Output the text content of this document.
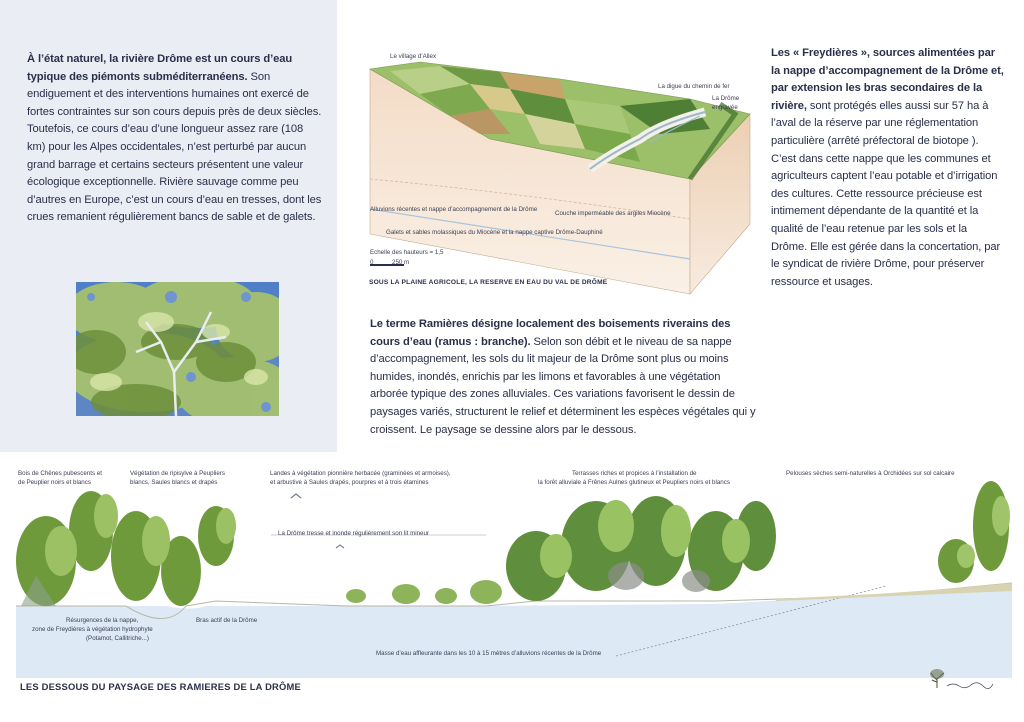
À l’état naturel, la rivière Drôme est un cours d’eau typique des piémonts subméditerranéens. Son endiguement et des interventions humaines ont exercé de fortes contraintes sur son cours depuis près de deux siècles. Toutefois, ce cours d’eau d’une longueur assez rare (108 km) pour les Alpes occidentales, n’est perturbé par aucun grand barrage et certains secteurs présentent une valeur écologique exceptionnelle. Rivière sauvage comme peu d’autres en Europe, c’est un cours d’eau en tresses, dont les crues remanient régulièrement bancs de sable et de galets.

Le village d’Allex
La digue du chemin de fer
La Drôme engravée
Alluvions récentes et nappe d’accompagnement de la Drôme
Couche imperméable des argiles Miocène
Galets et sables molassiques du Miocène et la nappe captive Drôme-Dauphiné
Echelle des hauteurs = 1,5
0	250 m
SOUS LA PLAINE AGRICOLE, LA RESERVE EN EAU DU VAL DE DRÔME

Le terme Ramières désigne localement des boisements riverains des cours d’eau (ramus : branche). Selon son débit et le niveau de sa nappe d’accompagnement, les sols du lit majeur de la Drôme sont plus ou moins humides, inondés, enrichis par les limons et favorables à une végétation arborée typique des zones alluviales. Ces variations favorisent le dessin de paysages variés, structurent le relief et déterminent les espèces végétales qui y croissent. Le paysage se dessine alors par le dessous.

Les « Freydières », sources alimentées par la nappe d’accompagnement de la Drôme et, par extension les bras secondaires de la rivière, sont protégés elles aussi sur 57 ha à l’aval de la réserve par une réglementation particulière (arrêté préfectoral de biotope ). C’est dans cette nappe que les communes et agriculteurs captent l’eau potable et d’irrigation des cultures. Cette ressource précieuse est intimement dépendante de la quantité et la qualité de l’eau retenue par les sols et la Drôme. Elle est gérée dans la concertation, par le syndicat de rivière Drôme, pour préserver ressource et usages.

Bois de Chênes pubescents et
de Peuplier noirs et blancs
Végétation de ripisylve à Peupliers
blancs, Saules blancs et drapés
Landes à végétation pionnière herbacée (graminées et armoises),
et arbustive à Saules drapés, pourpres et à trois étamines
La Drôme tresse et inonde régulièrement son lit mineur
Terrasses riches et propices à l’installation de
la forêt alluviale à Frênes Aulnes glutineux et Peupliers noirs et blancs
Pelouses sèches semi-naturelles à Orchidées sur sol calcaire
Résurgences de la nappe,
zone de Freydières à végétation hydrophyte
(Potamot, Callitriche...)
Bras actif de la Drôme
Masse d’eau affleurante dans les 10 à 15 mètres d’alluvions récentes de la Drôme
LES DESSOUS DU PAYSAGE DES RAMIERES DE LA DRÔME
